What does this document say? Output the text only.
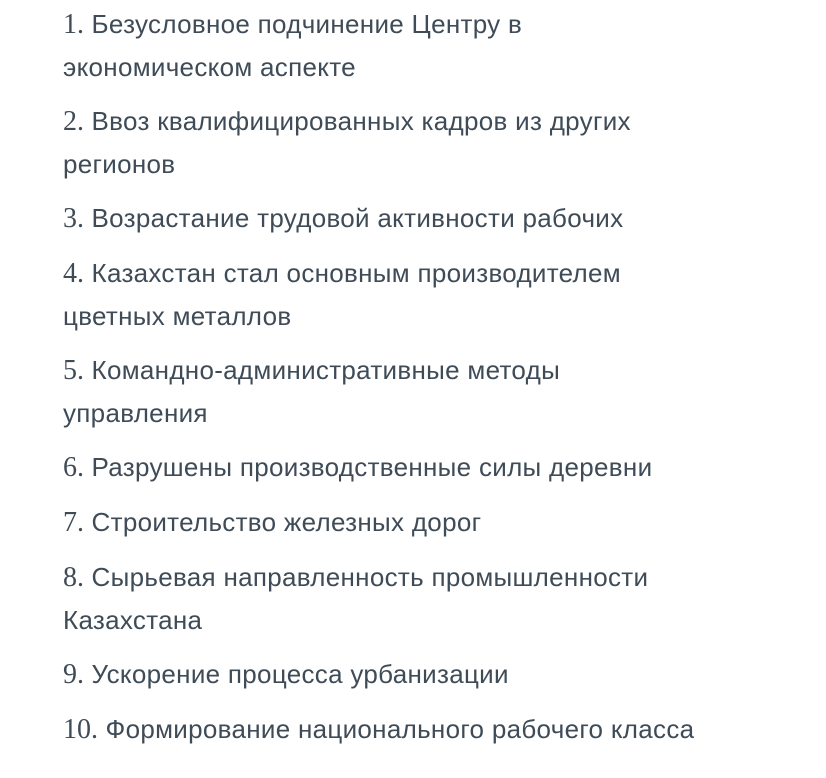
1. Безусловное подчинение Центру в экономическом аспекте

2. Ввоз квалифицированных кадров из других регионов

3. Возрастание трудовой активности рабочих

4. Казахстан стал основным производителем цветных металлов

5. Командно-административные методы управления

6. Разрушены производственные силы деревни

7. Строительство железных дорог

8. Сырьевая направленность промышленности Казахстана

9. Ускорение процесса урбанизации

10. Формирование национального рабочего класса
